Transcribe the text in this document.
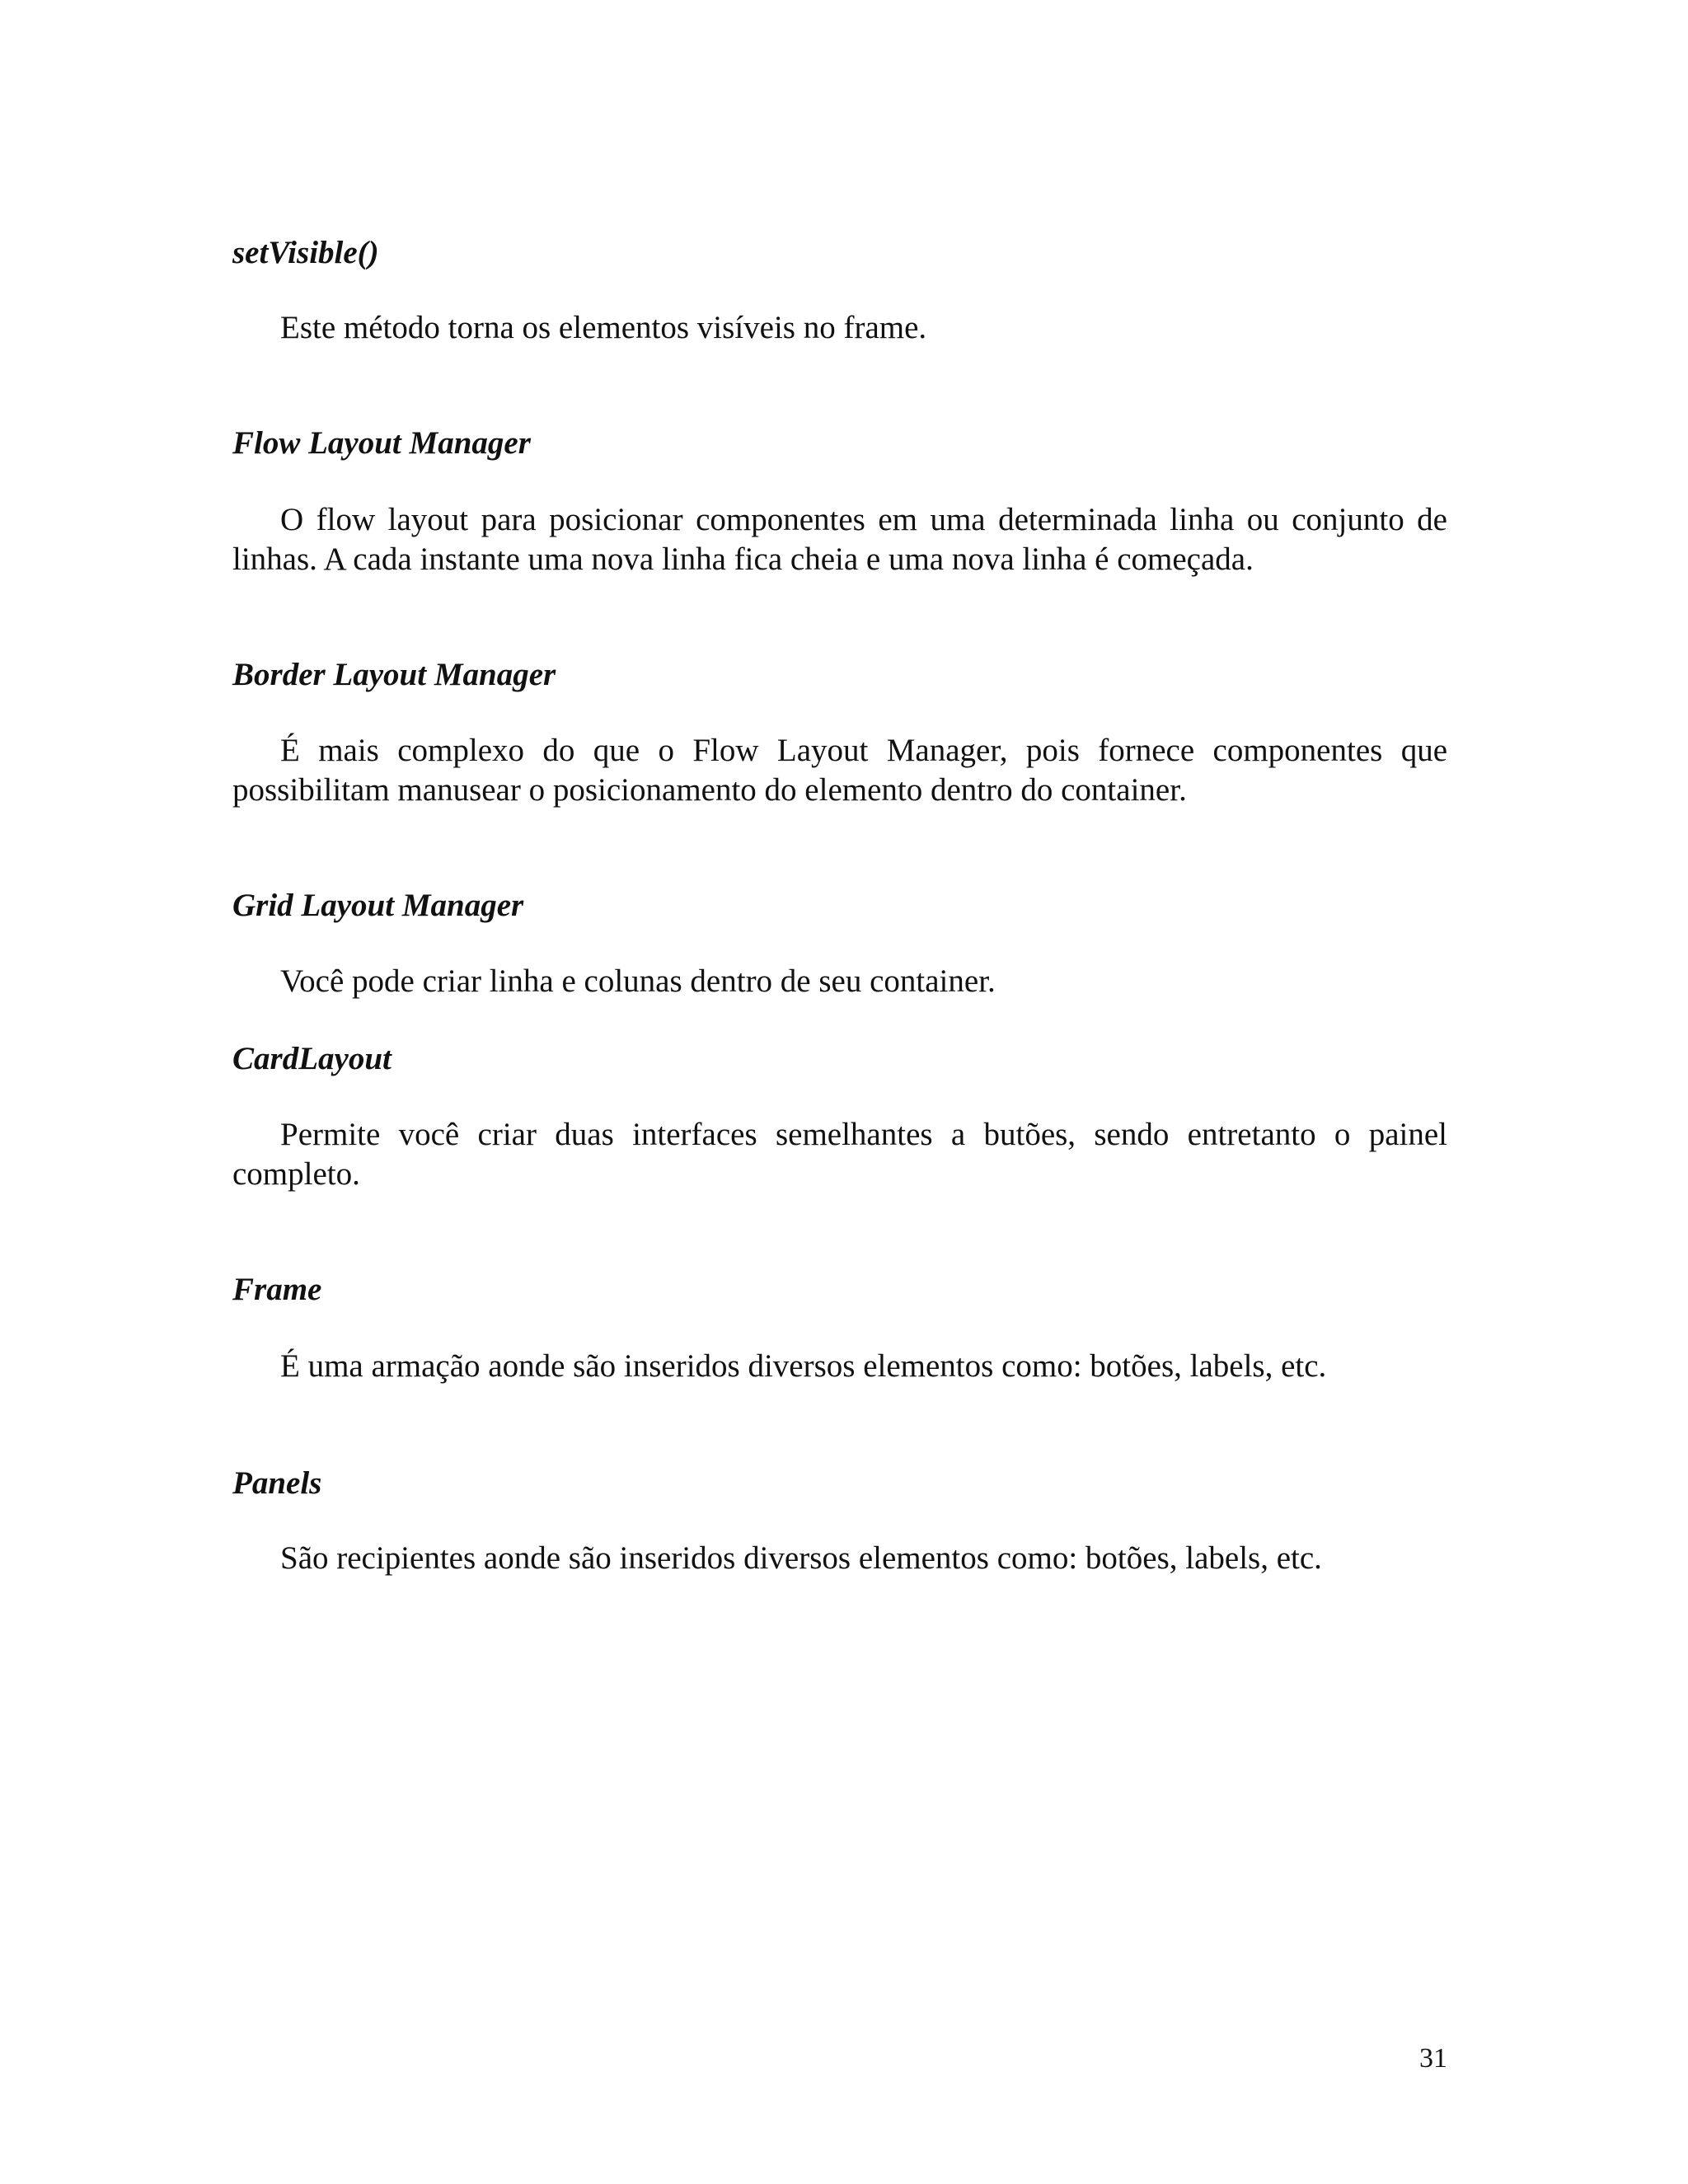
setVisible()

Este método torna os elementos visíveis no frame.

Flow Layout Manager

O flow layout para posicionar componentes em uma determinada linha ou conjunto de linhas. A cada instante uma nova linha fica cheia e uma nova linha é começada.

Border Layout Manager

É mais complexo do que o Flow Layout Manager, pois fornece componentes que possibilitam manusear o posicionamento do elemento dentro do container.

Grid Layout Manager

Você pode criar linha e colunas dentro de seu container.

CardLayout

Permite você criar duas interfaces semelhantes a butões, sendo entretanto o painel completo.

Frame

É uma armação aonde são inseridos diversos elementos como: botões, labels, etc.

Panels

São recipientes aonde são inseridos diversos elementos como: botões, labels, etc.

31
